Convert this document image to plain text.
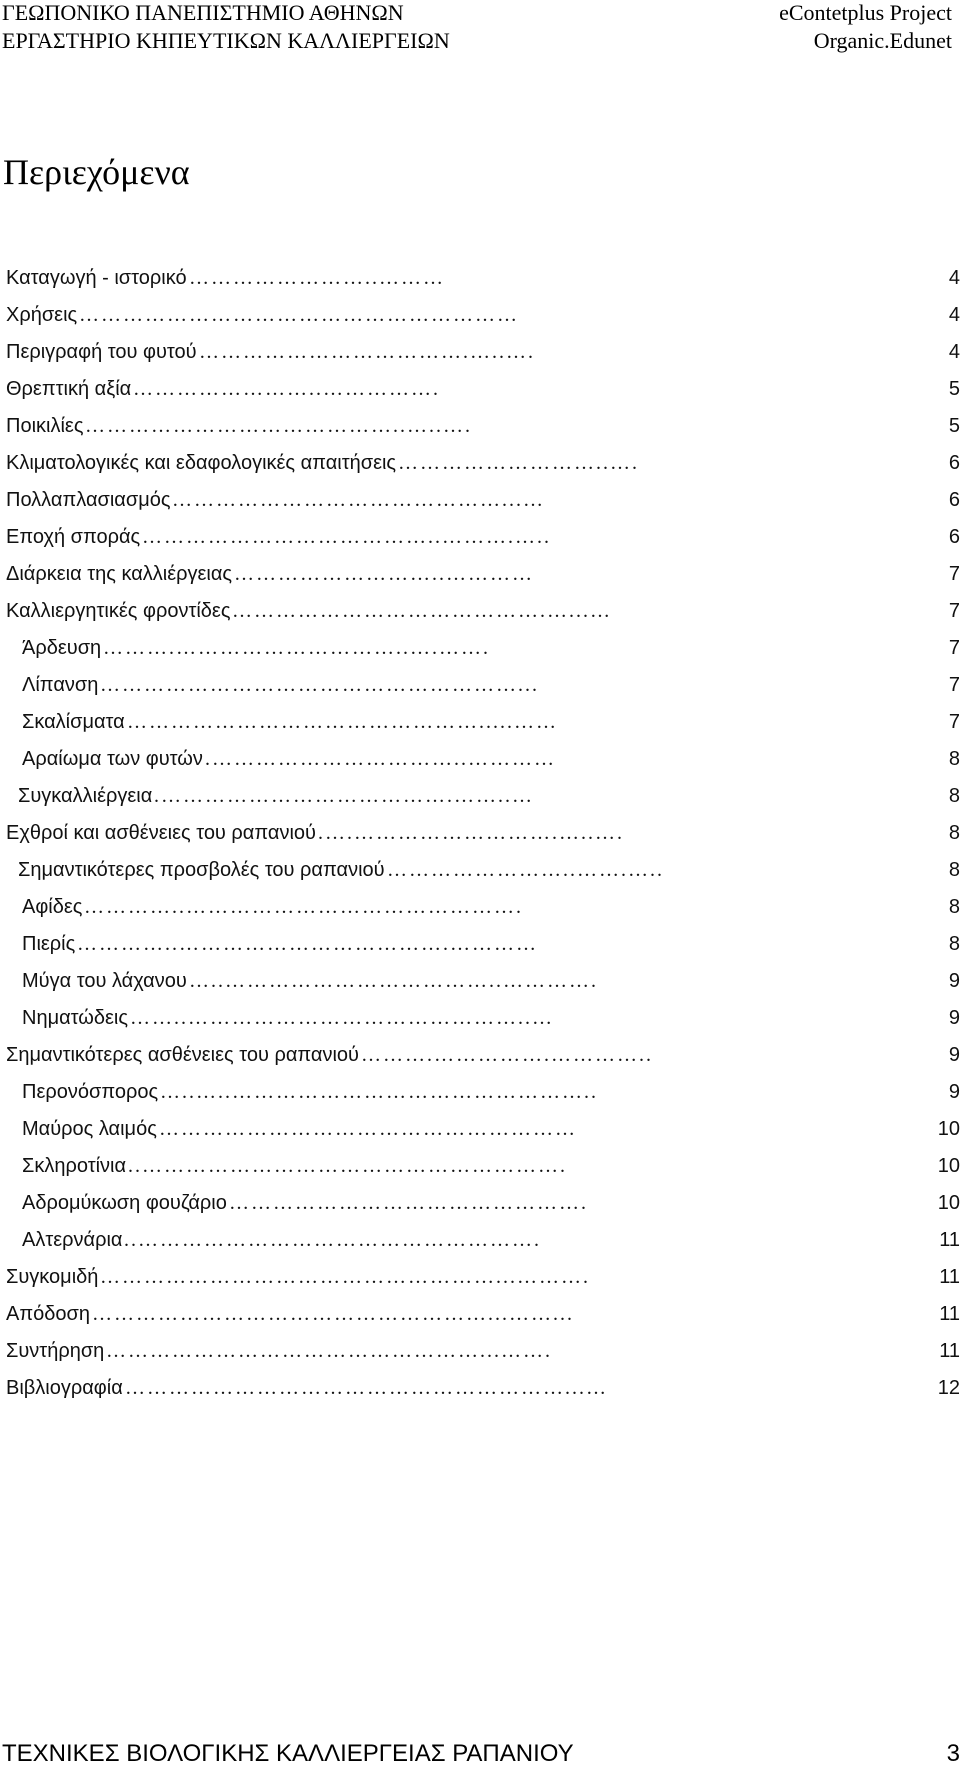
ΓΕΩΠΟΝΙΚΟ ΠΑΝΕΠΙΣΤΗΜΙΟ ΑΘΗΝΩΝ
ΕΡΓΑΣΤΗΡΙΟ ΚΗΠΕΥΤΙΚΩΝ ΚΑΛΛΙΕΡΓΕΙΩΝ
eContetplus Project
Organic.Edunet
Περιεχόμενα
Καταγωγή - ιστορικό ……………………..………	4
Χρήσεις ……………………………………………………	4
Περιγραφή του φυτού ……………………………….…..….	4
Θρεπτική αξία ……………………..…………….	5
Ποικιλίες ……………………………………..…..….	5
Κλιματολογικές και εδαφολογικές απαιτήσεις ………………………..….	6
Πολλαπλασιασμός ………………………………………...…	6
Εποχή σποράς …………………………………..……….…..	6
Διάρκεια της καλλιέργειας ………………………..…………	7
Καλλιεργητικές φροντίδες …………………………………….…...…	7
Άρδευση ……….…………………………..….…….	7
Λίπανση …………………………………………………...	7
Σκαλίσματα ………………………………………….....……	7
Αραίωμα των φυτών .……………………………..…………	8
Συγκαλλιέργεια .………………………………….……..…	8
Εχθροί και ασθένειες του ραπανιού .….……………………….…..….	8
Σημαντικότερες προσβολές του ραπανιού ……………………..…….…..	8
Αφίδες …………..……………………………………….	8
Πιερίς …………..……………………………….…………	8
Μύγα του λάχανου …..………………………………..………….	9
Νηματώδεις ……..………………………………………..…	9
Σημαντικότερες ασθένειες του ραπανιού ……….…………….…………..	9
Περονόσπορος …..…..…………………………………………..	9
Μαύρος λαιμός …………………………………………………	10
Σκληροτίνια ..………………………………………………….	10
Αδρομύκωση φουζάριο ………………………………………….	10
Αλτερνάρια ..……………………………………………….	11
Συγκομιδή ………………………………………………...……….	11
Απόδοση ………………………………………………...……...	11
Συντήρηση ……………………………………………...…….	11
Βιβλιογραφία ……………………………………………………...…	12
ΤΕΧΝΙΚΕΣ ΒΙΟΛΟΓΙΚΗΣ ΚΑΛΛΙΕΡΓΕΙΑΣ ΡΑΠΑΝΙΟΥ	3
